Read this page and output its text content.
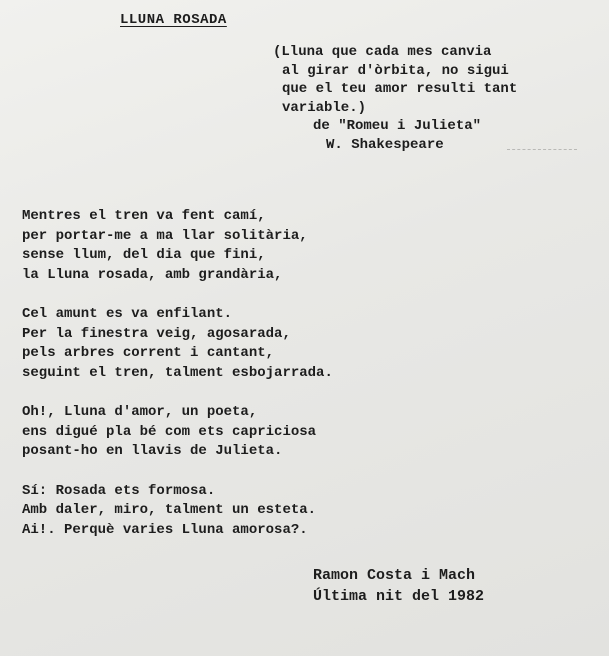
LLUNA ROSADA

(Lluna que cada mes canvia
al girar d'òrbita, no sigui
que el teu amor resulti tant
variable.)
de "Romeu i Julieta"
W. Shakespeare
Mentres el tren va fent camí,
per portar-me a ma llar solitària,
sense llum, del dia que fini,
la Lluna rosada, amb grandària,
Cel amunt es va enfilant.
Per la finestra veig, agosarada,
pels arbres corrent i cantant,
seguint el tren, talment esbojarrada.
Oh!, Lluna d'amor, un poeta,
ens digué pla bé com ets capriciosa
posant-ho en llavis de Julieta.
Sí: Rosada ets formosa.
Amb daler, miro, talment un esteta.
Ai!. Perquè varies Lluna amorosa?.
Ramon Costa i Mach
Última nit del 1982
